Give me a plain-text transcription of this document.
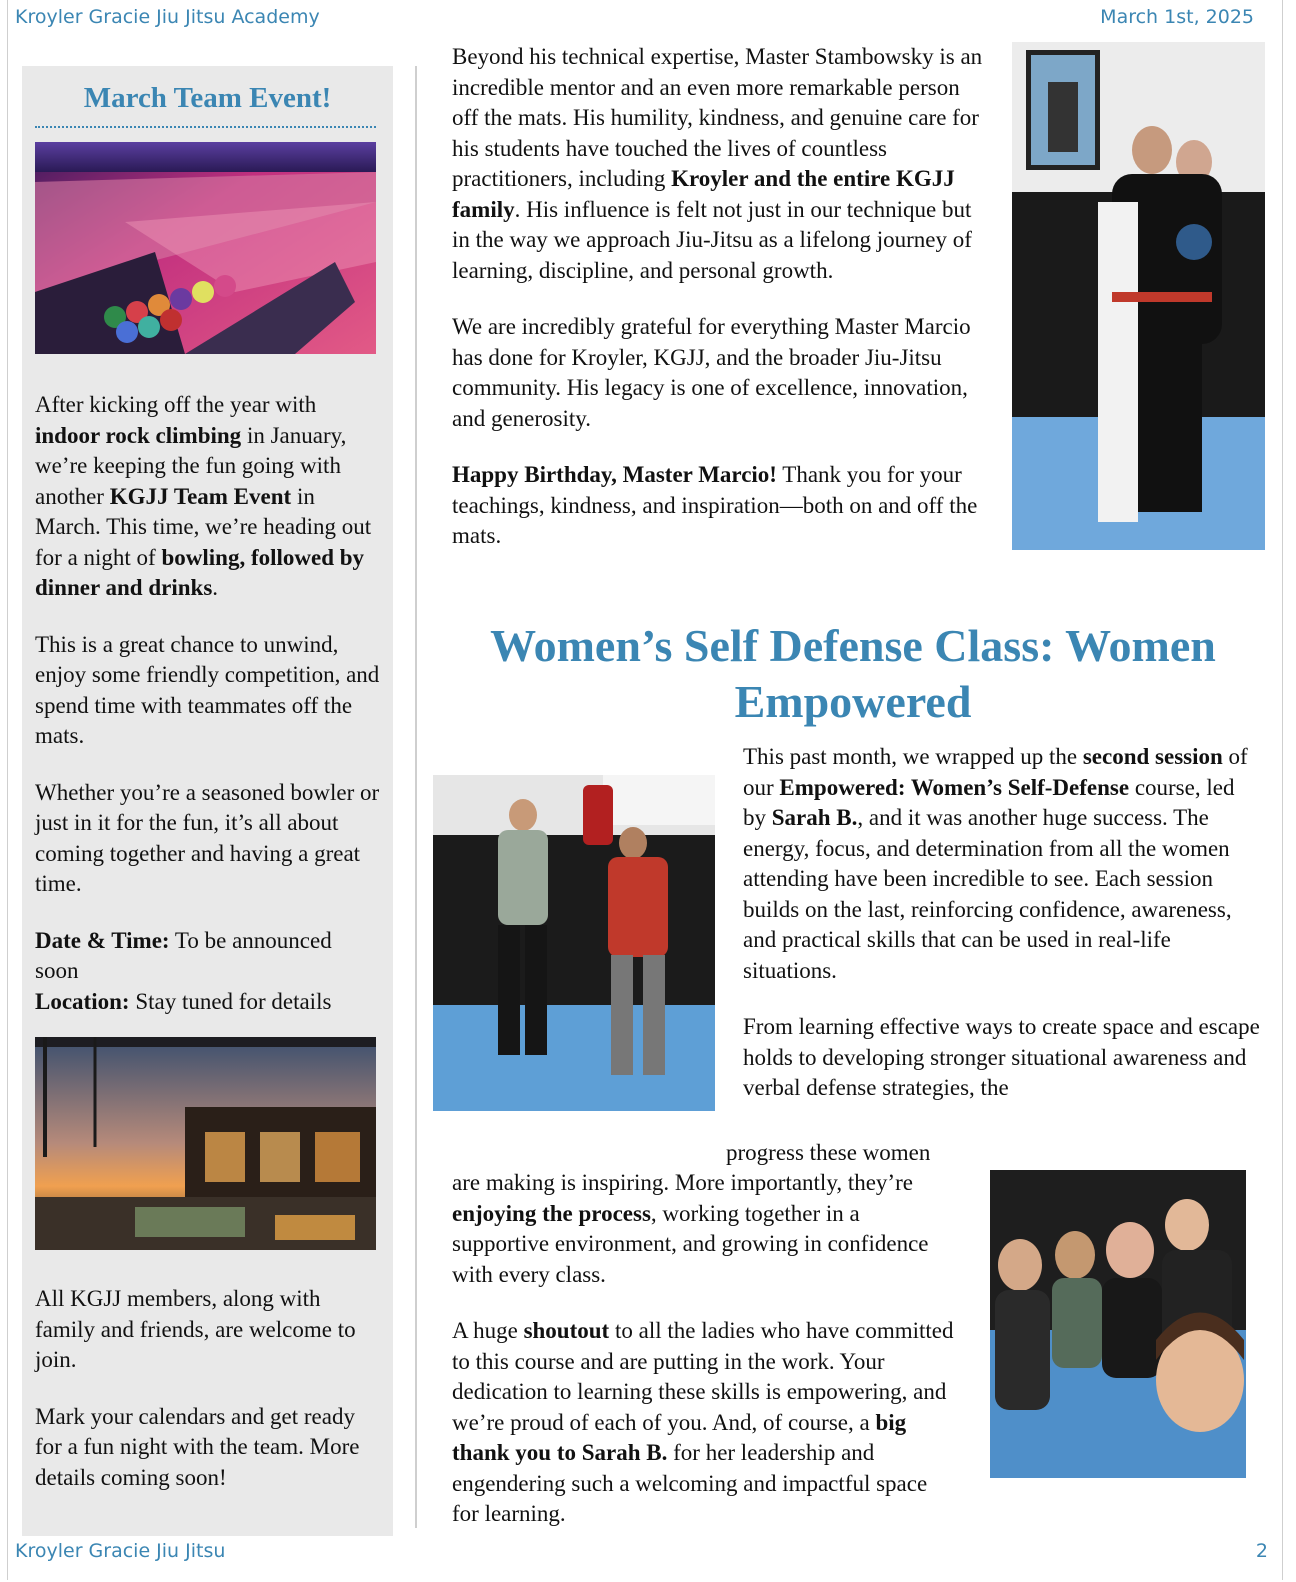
Kroyler Gracie Jiu Jitsu Academy	March 1st, 2025
March Team Event!

After kicking off the year with indoor rock climbing in January, we’re keeping the fun going with another KGJJ Team Event in March. This time, we’re heading out for a night of bowling, followed by dinner and drinks.

This is a great chance to unwind, enjoy some friendly competition, and spend time with teammates off the mats.

Whether you’re a seasoned bowler or just in it for the fun, it’s all about coming together and having a great time.

Date & Time: To be announced soon
Location: Stay tuned for details

All KGJJ members, along with family and friends, are welcome to join.

Mark your calendars and get ready for a fun night with the team. More details coming soon!

Beyond his technical expertise, Master Stambowsky is an incredible mentor and an even more remarkable person off the mats. His humility, kindness, and genuine care for his students have touched the lives of countless practitioners, including Kroyler and the entire KGJJ family. His influence is felt not just in our technique but in the way we approach Jiu-Jitsu as a lifelong journey of learning, discipline, and personal growth.

We are incredibly grateful for everything Master Marcio has done for Kroyler, KGJJ, and the broader Jiu-Jitsu community. His legacy is one of excellence, innovation, and generosity.

Happy Birthday, Master Marcio! Thank you for your teachings, kindness, and inspiration—both on and off the mats.

Women’s Self Defense Class: Women Empowered

This past month, we wrapped up the second session of our Empowered: Women’s Self-Defense course, led by Sarah B., and it was another huge success. The energy, focus, and determination from all the women attending have been incredible to see. Each session builds on the last, reinforcing confidence, awareness, and practical skills that can be used in real-life situations.

From learning effective ways to create space and escape holds to developing stronger situational awareness and verbal defense strategies, the

progress these women

are making is inspiring. More importantly, they’re enjoying the process, working together in a supportive environment, and growing in confidence with every class.

A huge shoutout to all the ladies who have committed to this course and are putting in the work. Your dedication to learning these skills is empowering, and we’re proud of each of you. And, of course, a big thank you to Sarah B. for her leadership and engendering such a welcoming and impactful space for learning.

Kroyler Gracie Jiu Jitsu	2
